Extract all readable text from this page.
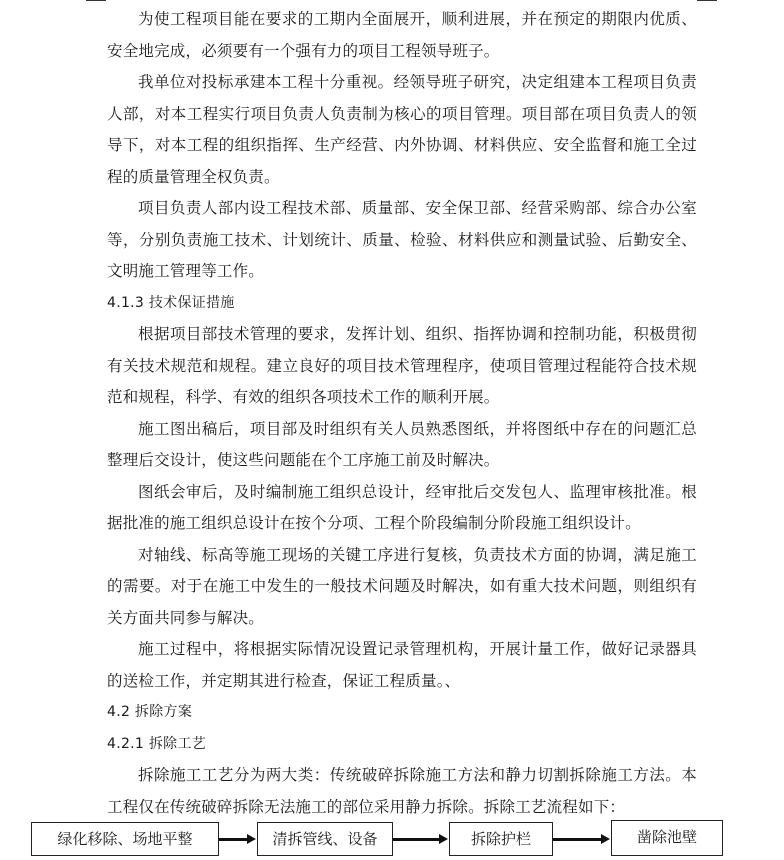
为使工程项目能在要求的工期内全面展开，顺利进展，并在预定的期限内优质、安全地完成，必须要有一个强有力的项目工程领导班子。

我单位对投标承建本工程十分重视。经领导班子研究，决定组建本工程项目负责人部，对本工程实行项目负责人负责制为核心的项目管理。项目部在项目负责人的领导下，对本工程的组织指挥、生产经营、内外协调、材料供应、安全监督和施工全过程的质量管理全权负责。

项目负责人部内设工程技术部、质量部、安全保卫部、经营采购部、综合办公室等，分别负责施工技术、计划统计、质量、检验、材料供应和测量试验、后勤安全、文明施工管理等工作。

4.1.3 技术保证措施

根据项目部技术管理的要求，发挥计划、组织、指挥协调和控制功能，积极贯彻有关技术规范和规程。建立良好的项目技术管理程序，使项目管理过程能符合技术规范和规程，科学、有效的组织各项技术工作的顺利开展。

施工图出稿后，项目部及时组织有关人员熟悉图纸，并将图纸中存在的问题汇总整理后交设计，使这些问题能在个工序施工前及时解决。

图纸会审后，及时编制施工组织总设计，经审批后交发包人、监理审核批准。根据批准的施工组织总设计在按个分项、工程个阶段编制分阶段施工组织设计。

对轴线、标高等施工现场的关键工序进行复核，负责技术方面的协调，满足施工的需要。对于在施工中发生的一般技术问题及时解决，如有重大技术问题，则组织有关方面共同参与解决。

施工过程中，将根据实际情况设置记录管理机构，开展计量工作，做好记录器具的送检工作，并定期其进行检查，保证工程质量。、

4.2 拆除方案

4.2.1 拆除工艺

拆除施工工艺分为两大类：传统破碎拆除施工方法和静力切割拆除施工方法。本工程仅在传统破碎拆除无法施工的部位采用静力拆除。拆除工艺流程如下：

绿化移除、场地平整	清拆管线、设备	拆除护栏	凿除池壁
